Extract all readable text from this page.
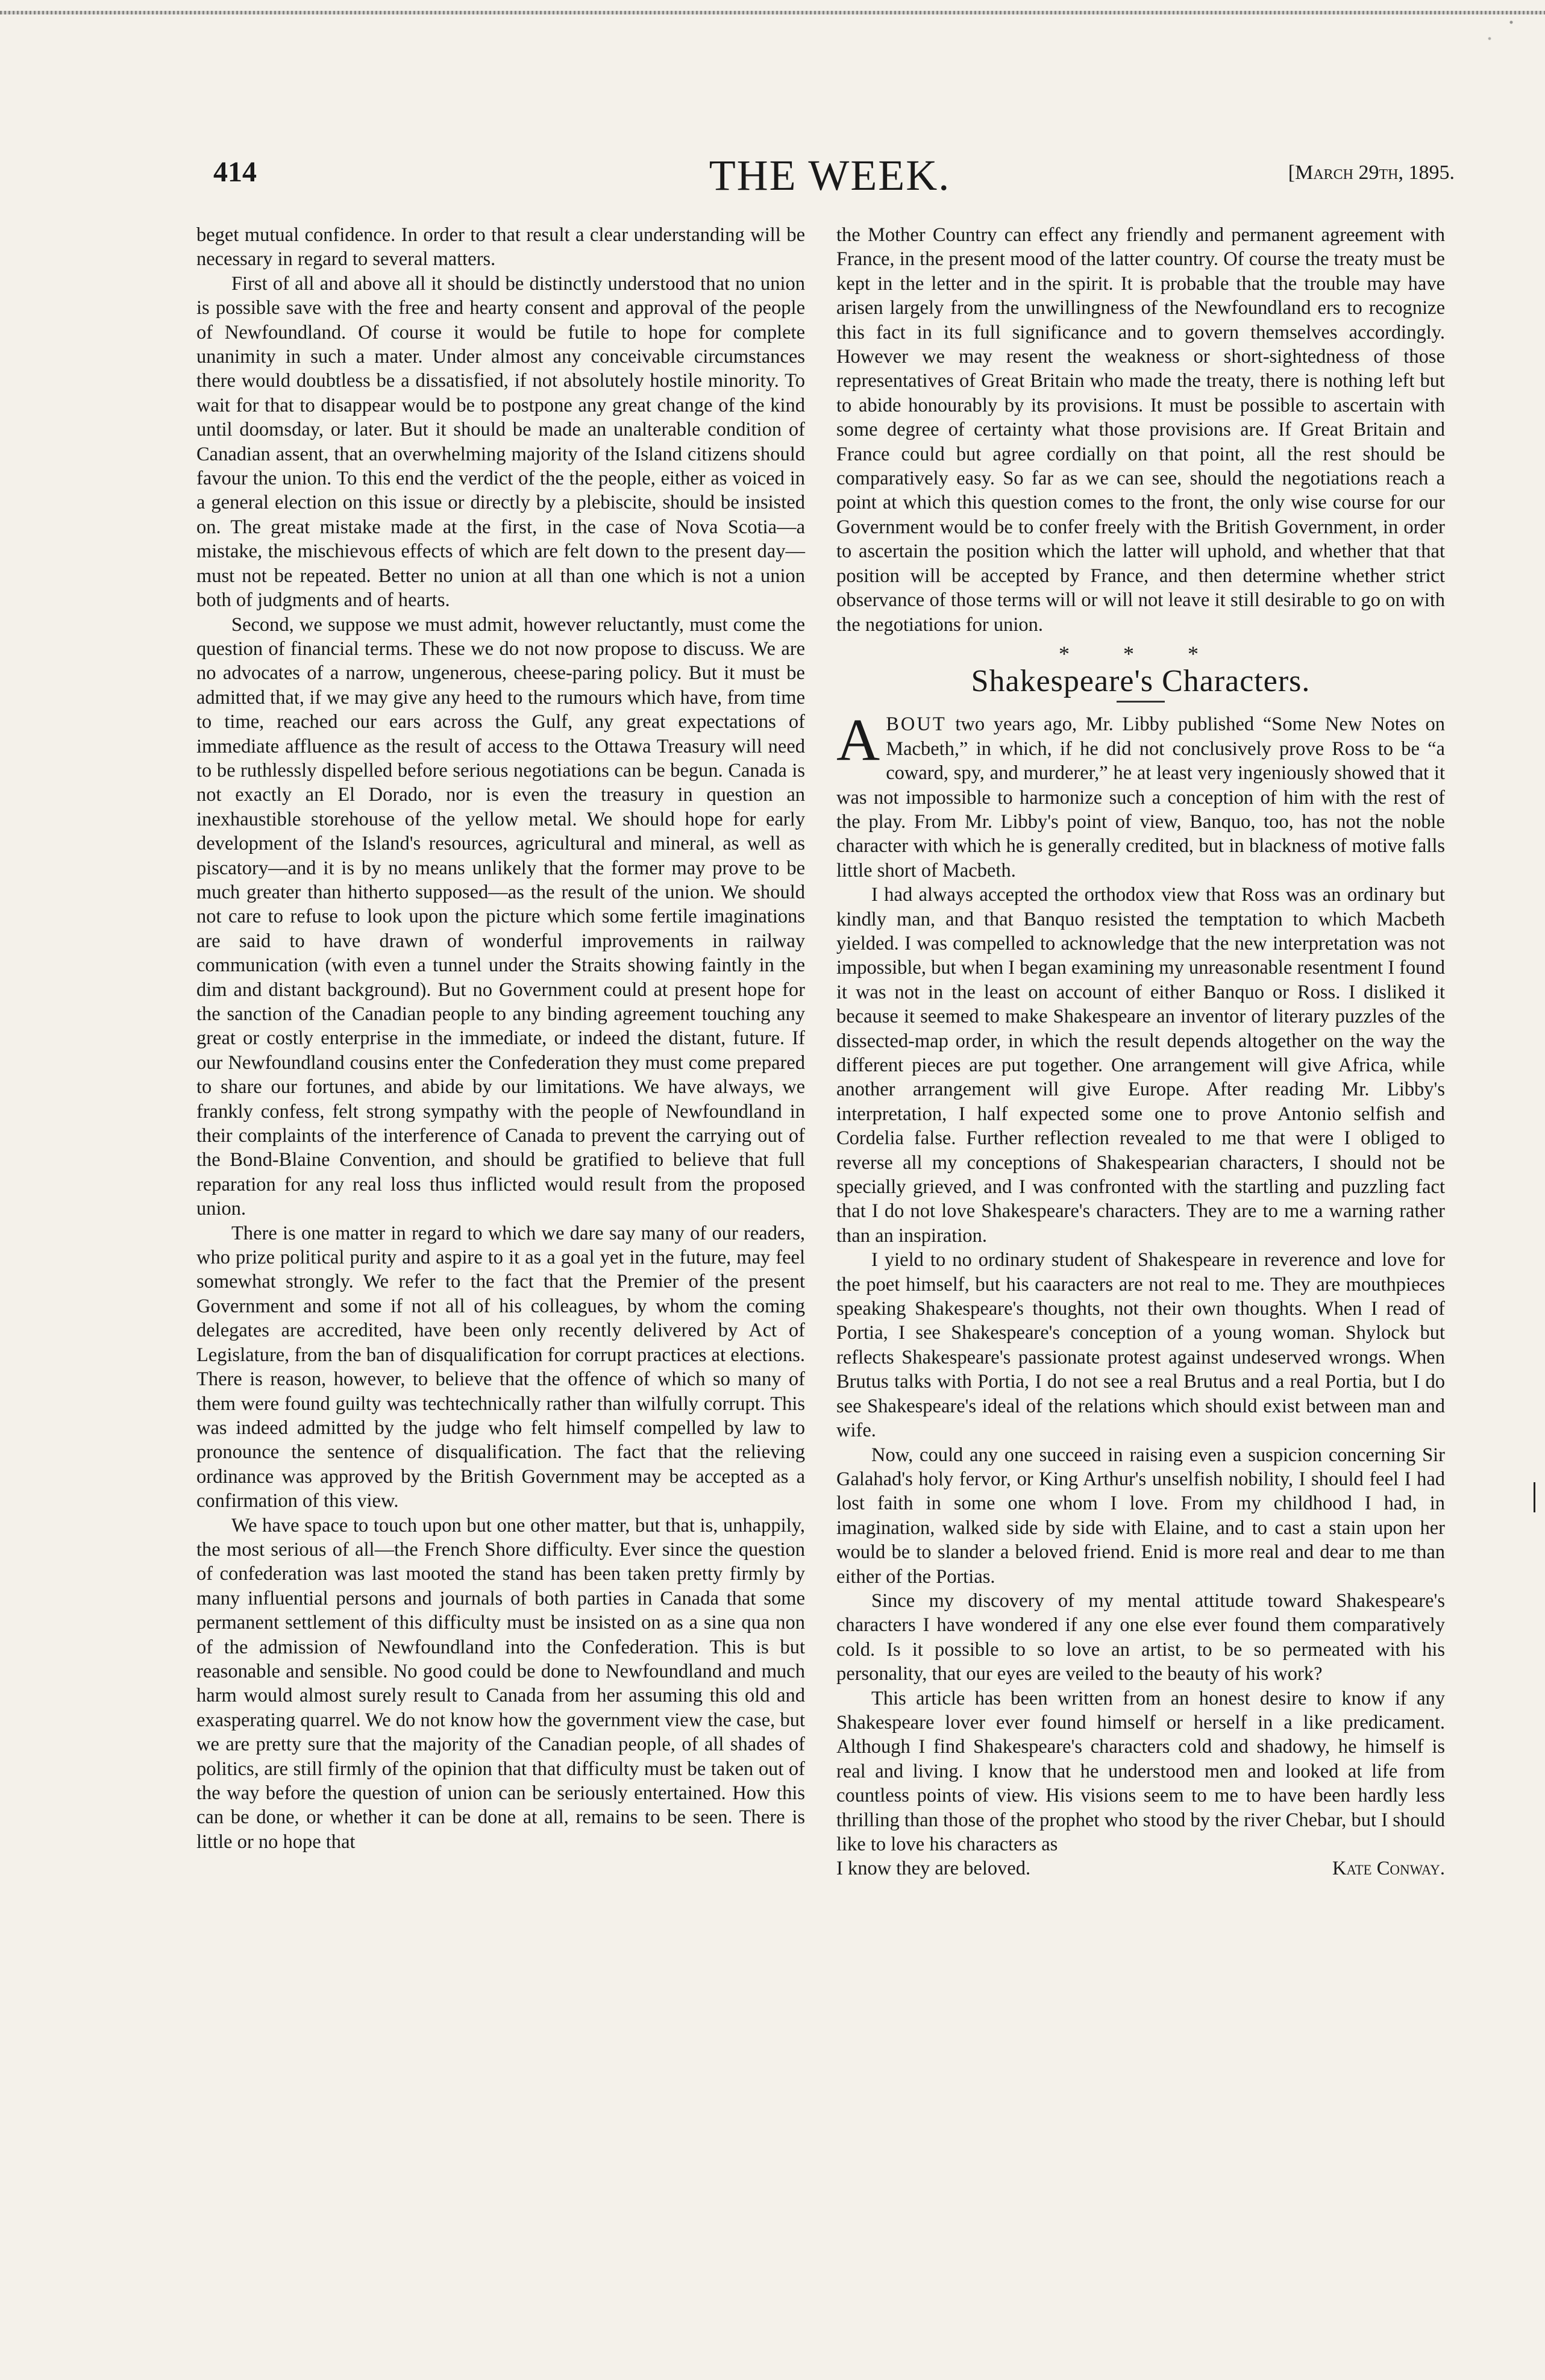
414	THE WEEK.	[March 29th, 1895.

beget mutual confidence. In order to that result a clear understanding will be necessary in regard to several matters.

First of all and above all it should be distinctly understood that no union is possible save with the free and hearty consent and approval of the people of Newfoundland. Of course it would be futile to hope for complete unanimity in such a mater. Under almost any conceivable circumstances there would doubtless be a dissatisfied, if not absolutely hostile minority. To wait for that to disappear would be to postpone any great change of the kind until doomsday, or later. But it should be made an unalterable condition of Canadian assent, that an overwhelming majority of the Island citizens should favour the union. To this end the verdict of the the people, either as voiced in a general election on this issue or directly by a plebiscite, should be insisted on. The great mistake made at the first, in the case of Nova Scotia—a mistake, the mischievous effects of which are felt down to the present day—must not be repeated. Better no union at all than one which is not a union both of judgments and of hearts.

Second, we suppose we must admit, however reluctantly, must come the question of financial terms. These we do not now propose to discuss. We are no advocates of a narrow, ungenerous, cheese-paring policy. But it must be admitted that, if we may give any heed to the rumours which have, from time to time, reached our ears across the Gulf, any great expectations of immediate affluence as the result of access to the Ottawa Treasury will need to be ruthlessly dispelled before serious negotiations can be begun. Canada is not exactly an El Dorado, nor is even the treasury in question an inexhaustible storehouse of the yellow metal. We should hope for early development of the Island's resources, agricultural and mineral, as well as piscatory—and it is by no means unlikely that the former may prove to be much greater than hitherto supposed—as the result of the union. We should not care to refuse to look upon the picture which some fertile imaginations are said to have drawn of wonderful improvements in railway communication (with even a tunnel under the Straits showing faintly in the dim and distant background). But no Government could at present hope for the sanction of the Canadian people to any binding agreement touching any great or costly enterprise in the immediate, or indeed the distant, future. If our Newfoundland cousins enter the Confederation they must come prepared to share our fortunes, and abide by our limitations. We have always, we frankly confess, felt strong sympathy with the people of Newfoundland in their complaints of the interference of Canada to prevent the carrying out of the Bond-Blaine Convention, and should be gratified to believe that full reparation for any real loss thus inflicted would result from the proposed union.

There is one matter in regard to which we dare say many of our readers, who prize political purity and aspire to it as a goal yet in the future, may feel somewhat strongly. We refer to the fact that the Premier of the present Government and some if not all of his colleagues, by whom the coming delegates are accredited, have been only recently delivered by Act of Legislature, from the ban of disqualification for corrupt practices at elections. There is reason, however, to believe that the offence of which so many of them were found guilty was techtechnically rather than wilfully corrupt. This was indeed admitted by the judge who felt himself compelled by law to pronounce the sentence of disqualification. The fact that the relieving ordinance was approved by the British Government may be accepted as a confirmation of this view.

We have space to touch upon but one other matter, but that is, unhappily, the most serious of all—the French Shore difficulty. Ever since the question of confederation was last mooted the stand has been taken pretty firmly by many influential persons and journals of both parties in Canada that some permanent settlement of this difficulty must be insisted on as a sine qua non of the admission of Newfoundland into the Confederation. This is but reasonable and sensible. No good could be done to Newfoundland and much harm would almost surely result to Canada from her assuming this old and exasperating quarrel. We do not know how the government view the case, but we are pretty sure that the majority of the Canadian people, of all shades of politics, are still firmly of the opinion that that difficulty must be taken out of the way before the question of union can be seriously entertained. How this can be done, or whether it can be done at all, remains to be seen. There is little or no hope that

the Mother Country can effect any friendly and permanent agreement with France, in the present mood of the latter country. Of course the treaty must be kept in the letter and in the spirit. It is probable that the trouble may have arisen largely from the unwillingness of the Newfoundland ers to recognize this fact in its full significance and to govern themselves accordingly. However we may resent the weakness or short-sightedness of those representatives of Great Britain who made the treaty, there is nothing left but to abide honourably by its provisions. It must be possible to ascertain with some degree of certainty what those provisions are. If Great Britain and France could but agree cordially on that point, all the rest should be comparatively easy. So far as we can see, should the negotiations reach a point at which this question comes to the front, the only wise course for our Government would be to confer freely with the British Government, in order to ascertain the position which the latter will uphold, and whether that that position will be accepted by France, and then determine whether strict observance of those terms will or will not leave it still desirable to go on with the negotiations for union.

* * *
Shakespeare's Characters.

ABOUT two years ago, Mr. Libby published “Some New Notes on Macbeth,” in which, if he did not conclusively prove Ross to be “a coward, spy, and murderer,” he at least very ingeniously showed that it was not impossible to harmonize such a conception of him with the rest of the play. From Mr. Libby's point of view, Banquo, too, has not the noble character with which he is generally credited, but in blackness of motive falls little short of Macbeth.

I had always accepted the orthodox view that Ross was an ordinary but kindly man, and that Banquo resisted the temptation to which Macbeth yielded. I was compelled to acknowledge that the new interpretation was not impossible, but when I began examining my unreasonable resentment I found it was not in the least on account of either Banquo or Ross. I disliked it because it seemed to make Shakespeare an inventor of literary puzzles of the dissected-map order, in which the result depends altogether on the way the different pieces are put together. One arrangement will give Africa, while another arrangement will give Europe. After reading Mr. Libby's interpretation, I half expected some one to prove Antonio selfish and Cordelia false. Further reflection revealed to me that were I obliged to reverse all my conceptions of Shakespearian characters, I should not be specially grieved, and I was confronted with the startling and puzzling fact that I do not love Shakespeare's characters. They are to me a warning rather than an inspiration.

I yield to no ordinary student of Shakespeare in reverence and love for the poet himself, but his caaracters are not real to me. They are mouthpieces speaking Shakespeare's thoughts, not their own thoughts. When I read of Portia, I see Shakespeare's conception of a young woman. Shylock but reflects Shakespeare's passionate protest against undeserved wrongs. When Brutus talks with Portia, I do not see a real Brutus and a real Portia, but I do see Shakespeare's ideal of the relations which should exist between man and wife.

Now, could any one succeed in raising even a suspicion concerning Sir Galahad's holy fervor, or King Arthur's unselfish nobility, I should feel I had lost faith in some one whom I love. From my childhood I had, in imagination, walked side by side with Elaine, and to cast a stain upon her would be to slander a beloved friend. Enid is more real and dear to me than either of the Portias.

Since my discovery of my mental attitude toward Shakespeare's characters I have wondered if any one else ever found them comparatively cold. Is it possible to so love an artist, to be so permeated with his personality, that our eyes are veiled to the beauty of his work?

This article has been written from an honest desire to know if any Shakespeare lover ever found himself or herself in a like predicament. Although I find Shakespeare's characters cold and shadowy, he himself is real and living. I know that he understood men and looked at life from countless points of view. His visions seem to me to have been hardly less thrilling than those of the prophet who stood by the river Chebar, but I should like to love his characters as

I know they are beloved.	Kate Conway.
